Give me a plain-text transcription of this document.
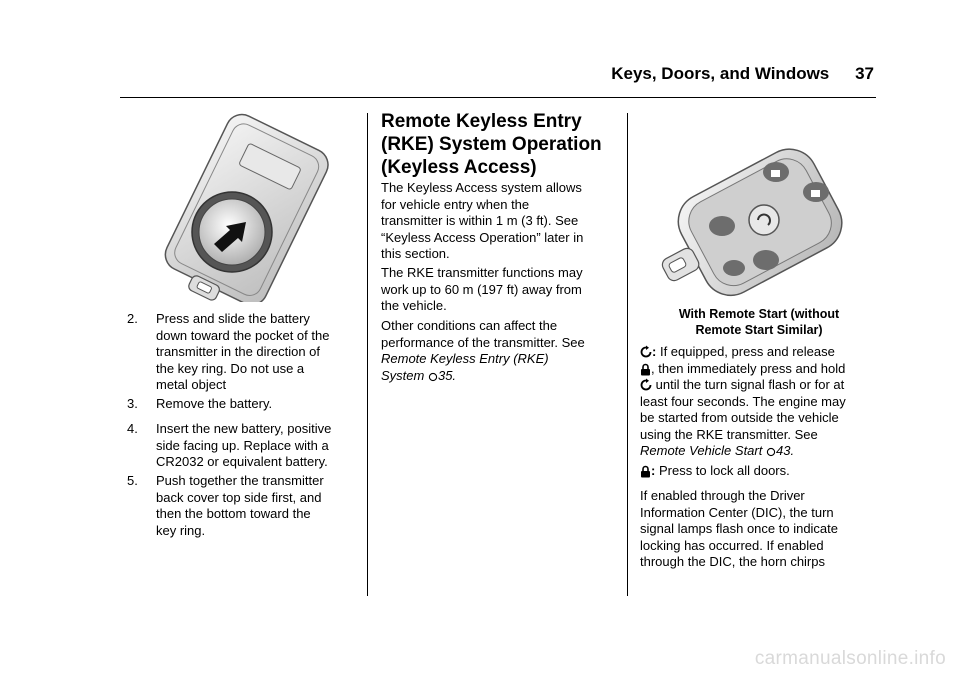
Keys, Doors, and Windows 37
2. Press and slide the battery
down toward the pocket of the
transmitter in the direction of
the key ring. Do not use a
metal object
3. Remove the battery.
4. Insert the new battery, positive
side facing up. Replace with a
CR2032 or equivalent battery.
5. Push together the transmitter
back cover top side first, and
then the bottom toward the
key ring.
Remote Keyless Entry
(RKE) System Operation
(Keyless Access)

The Keyless Access system allows
for vehicle entry when the
transmitter is within 1 m (3 ft). See
“Keyless Access Operation” later in
this section.

The RKE transmitter functions may
work up to 60 m (197 ft) away from
the vehicle.

Other conditions can affect the
performance of the transmitter. See
Remote Keyless Entry (RKE)
System 35.

With Remote Start (without
Remote Start Similar)

: If equipped, press and release
, then immediately press and hold
until the turn signal flash or for at
least four seconds. The engine may
be started from outside the vehicle
using the RKE transmitter. See
Remote Vehicle Start 43.

: Press to lock all doors.

If enabled through the Driver
Information Center (DIC), the turn
signal lamps flash once to indicate
locking has occurred. If enabled
through the DIC, the horn chirps

carmanualsonline.info
